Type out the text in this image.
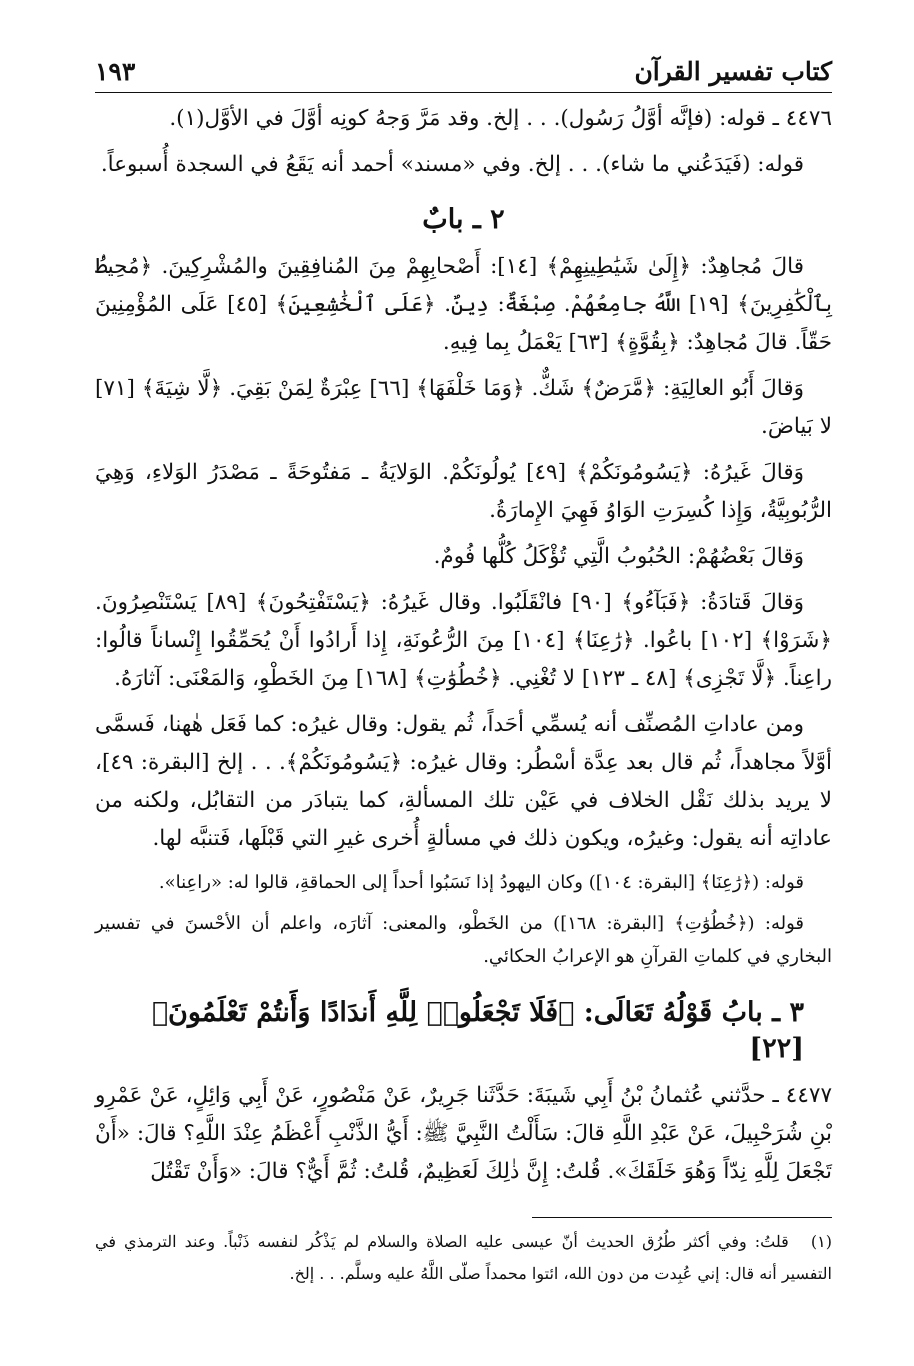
كتاب تفسير القرآن
١٩٣

٤٤٧٦ ـ قوله: (فإنَّه أوَّلُ رَسُول). . . إلخ. وقد مَرَّ وَجهُ كونِه أوَّلَ في الأوَّل(١).

قوله: (فَيَدَعُني ما شاء). . . إلخ. وفي «مسند» أحمد أنه يَقَعُ في السجدة أُسبوعاً.

٢ ـ بابٌ

قالَ مُجاهِدٌ: ﴿إِلَىٰ شَيَٰطِينِهِمْ﴾ [١٤]: أَصْحابِهِمْ مِنَ المُنافِقِينَ والمُشْرِكِينَ. ﴿مُحِيطُۢ بِٱلْكَٰفِرِينَ﴾ [١٩] اللَّهُ جامِعُهُمْ. صِبْغَةٌ: دِينٌ. ﴿عَلَى ٱلْخَٰشِعِينَ﴾ [٤٥] عَلَى المُؤْمِنِينَ حَقّاً. قالَ مُجاهِدٌ: ﴿بِقُوَّةٍ﴾ [٦٣] يَعْمَلُ بِما فِيهِ.

وَقالَ أَبُو العالِيَةِ: ﴿مَّرَضٌ﴾ شَكٌّ. ﴿وَمَا خَلْفَهَا﴾ [٦٦] عِبْرَةٌ لِمَنْ بَقِيَ. ﴿لَّا شِيَةَ﴾ [٧١] لا بَياضَ.

وَقالَ غَيرُهُ: ﴿يَسُومُونَكُمْ﴾ [٤٩] يُولُونَكُمْ. الوَلايَةُ ـ مَفتُوحَةً ـ مَصْدَرُ الوَلاءِ، وَهِيَ الرُّبُوبِيَّةُ، وَإِذا كُسِرَتِ الوَاوُ فَهِيَ الإِمارَةُ.

وَقالَ بَعْضُهُمْ: الحُبُوبُ الَّتِي تُؤْكَلُ كُلُّها فُومٌ.

وَقالَ قَتادَةُ: ﴿فَبَآءُو﴾ [٩٠] فانْقَلَبُوا. وقال غَيرُهُ: ﴿يَسْتَفْتِحُونَ﴾ [٨٩] يَسْتَنْصِرُونَ. ﴿شَرَوْا﴾ [١٠٢] باعُوا. ﴿رَٰعِنَا﴾ [١٠٤] مِنَ الرُّعُونَةِ، إِذا أَرادُوا أَنْ يُحَمِّقُوا إِنْساناً قالُوا: راعِناً. ﴿لَّا تَجْزِى﴾ [٤٨ ـ ١٢٣] لا تُغْنِي. ﴿خُطُوَٰتِ﴾ [١٦٨] مِنَ الخَطْوِ، وَالمَعْنَى: آثارَهُ.

ومن عاداتِ المُصنِّف أنه يُسمِّي أحَداً، ثُم يقول: وقال غيرُه: كما فَعَل هٰهنا، فَسمَّى أوَّلاً مجاهداً، ثُم قال بعد عِدَّة أسْطُر: وقال غيرُه: ﴿يَسُومُونَكُمْ﴾. . . إلخ [البقرة: ٤٩]، لا يريد بذلك نَقْل الخلاف في عَيْن تلك المسألةِ، كما يتبادَر من التقابُل، ولكنه من عاداتِه أنه يقول: وغيرُه، ويكون ذلك في مسألةٍ أُخرى غيرِ التي قَبْلَها، فَتنبَّه لها.

قوله: (﴿رَٰعِنَا﴾ [البقرة: ١٠٤]) وكان اليهودُ إذا نَسَبُوا أحداً إلى الحماقةِ، قالوا له: «راعِنا».

قوله: (﴿خُطُوَٰتِ﴾ [البقرة: ١٦٨]) من الخَطْو، والمعنى: آثارَه، واعلم أن الأحْسنَ في تفسير البخاري في كلماتِ القرآنِ هو الإعرابُ الحكائي.

٣ ـ بابُ قَوْلُهُ تَعَالَى: ﴿فَلَا تَجْعَلُوا۟ لِلَّهِ أَندَادًا وَأَنتُمْ تَعْلَمُونَ﴾ [٢٢]

٤٤٧٧ ـ حدَّثني عُثمانُ بْنُ أَبِي شَيبَةَ: حَدَّثَنا جَرِيرٌ، عَنْ مَنْصُورٍ، عَنْ أَبِي وَائِلٍ، عَنْ عَمْرِو بْنِ شُرَحْبِيلَ، عَنْ عَبْدِ اللَّهِ قالَ: سَأَلْتُ النَّبِيَّ ﷺ: أَيُّ الذَّنْبِ أَعْظَمُ عِنْدَ اللَّهِ؟ قالَ: «أَنْ تَجْعَلَ لِلَّهِ نِدّاً وَهُوَ خَلَقَكَ». قُلتُ: إِنَّ ذٰلِكَ لَعَظِيمٌ، قُلتُ: ثُمَّ أَيٌّ؟ قالَ: «وَأَنْ تَقْتُلَ

(١) قلتُ: وفي أكثر طُرُق الحديث أنّ عيسى عليه الصلاة والسلام لم يَذْكُر لنفسه ذَنْباً. وعند الترمذي في التفسير أنه قال: إني عُبِدت من دون الله، ائتوا محمداً صلّى اللَّهُ عليه وسلَّم. . . إلخ.
